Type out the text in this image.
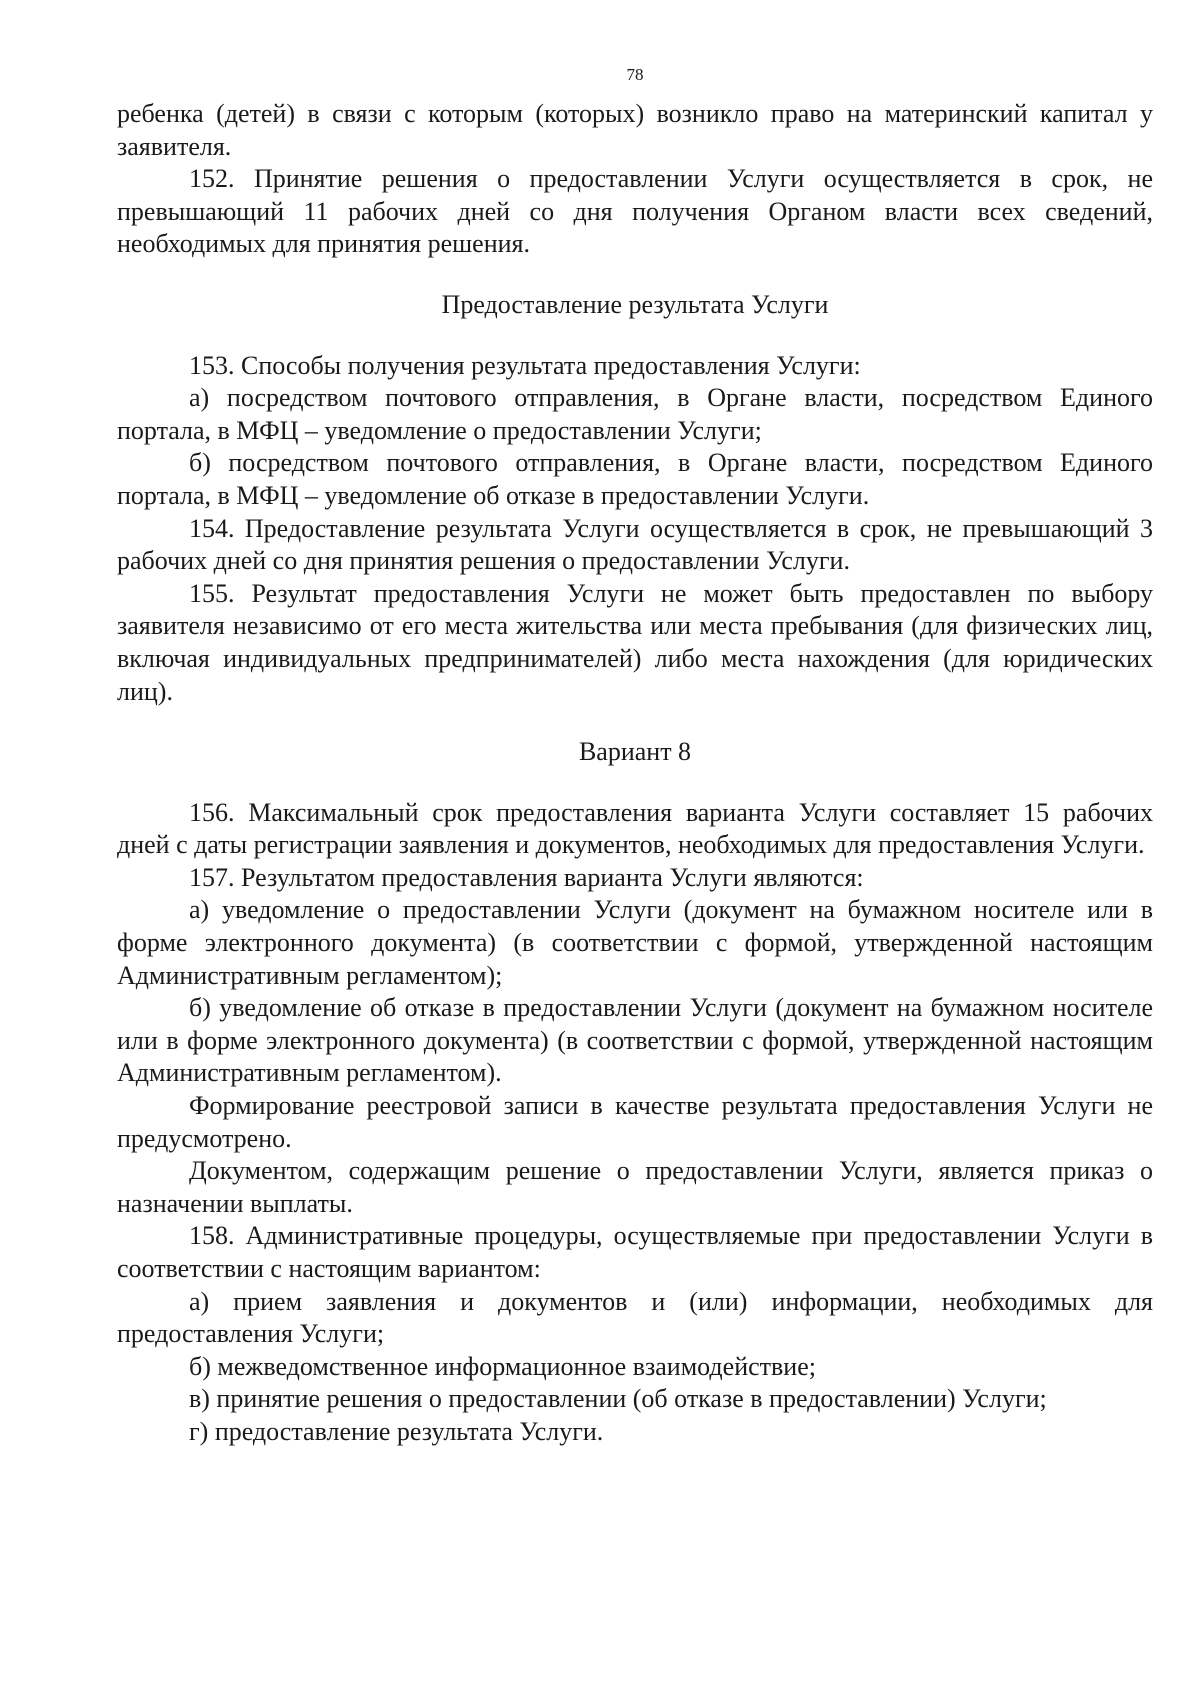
78

ребенка (детей) в связи с которым (которых) возникло право на материнский капитал у заявителя.

152. Принятие решения о предоставлении Услуги осуществляется в срок, не превышающий 11 рабочих дней со дня получения Органом власти всех сведений, необходимых для принятия решения.

Предоставление результата Услуги

153. Способы получения результата предоставления Услуги:

а) посредством почтового отправления, в Органе власти, посредством Единого портала, в МФЦ – уведомление о предоставлении Услуги;

б) посредством почтового отправления, в Органе власти, посредством Единого портала, в МФЦ – уведомление об отказе в предоставлении Услуги.

154. Предоставление результата Услуги осуществляется в срок, не превышающий 3 рабочих дней со дня принятия решения о предоставлении Услуги.

155. Результат предоставления Услуги не может быть предоставлен по выбору заявителя независимо от его места жительства или места пребывания (для физических лиц, включая индивидуальных предпринимателей) либо места нахождения (для юридических лиц).

Вариант 8

156. Максимальный срок предоставления варианта Услуги составляет 15 рабочих дней с даты регистрации заявления и документов, необходимых для предоставления Услуги.

157. Результатом предоставления варианта Услуги являются:

а) уведомление о предоставлении Услуги (документ на бумажном носителе или в форме электронного документа) (в соответствии с формой, утвержденной настоящим Административным регламентом);

б) уведомление об отказе в предоставлении Услуги (документ на бумажном носителе или в форме электронного документа) (в соответствии с формой, утвержденной настоящим Административным регламентом).

Формирование реестровой записи в качестве результата предоставления Услуги не предусмотрено.

Документом, содержащим решение о предоставлении Услуги, является приказ о назначении выплаты.

158. Административные процедуры, осуществляемые при предоставлении Услуги в соответствии с настоящим вариантом:

а) прием заявления и документов и (или) информации, необходимых для предоставления Услуги;

б) межведомственное информационное взаимодействие;

в) принятие решения о предоставлении (об отказе в предоставлении) Услуги;

г) предоставление результата Услуги.
